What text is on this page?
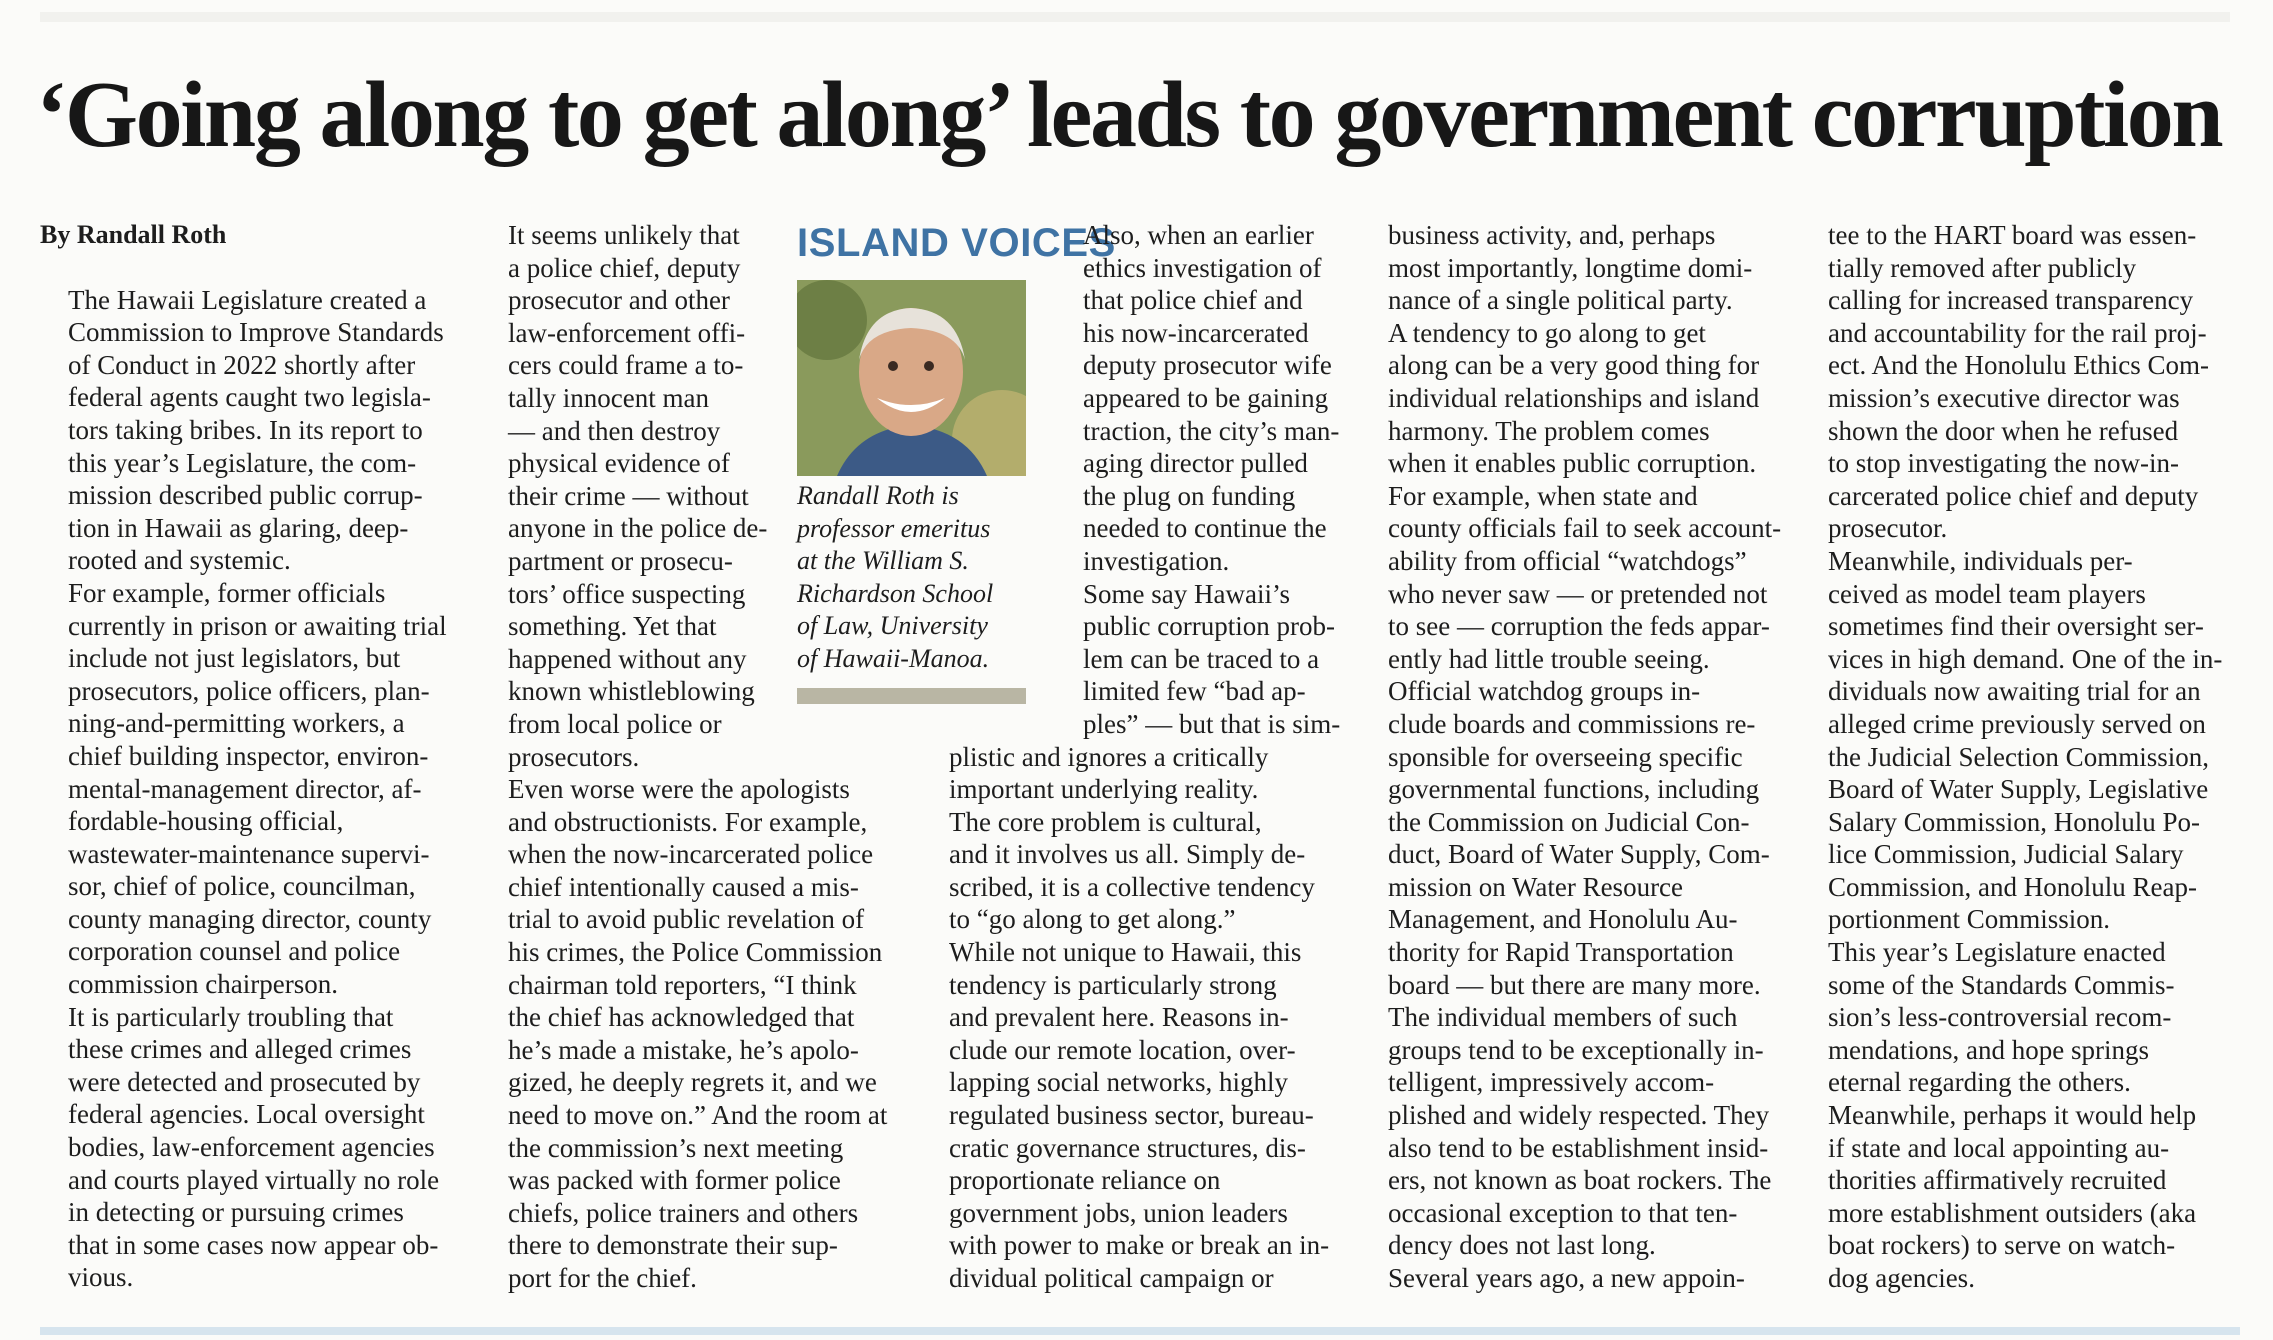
‘Going along to get along’ leads to government corruption
By Randall Roth

The Hawaii Legislature created a
Commission to Improve Standards
of Conduct in 2022 shortly after
federal agents caught two legisla-
tors taking bribes. In its report to
this year’s Legislature, the com-
mission described public corrup-
tion in Hawaii as glaring, deep-
rooted and systemic.

For example, former officials
currently in prison or awaiting trial
include not just legislators, but
prosecutors, police officers, plan-
ning-and-permitting workers, a
chief building inspector, environ-
mental-management director, af-
fordable-housing official,
wastewater-maintenance supervi-
sor, chief of police, councilman,
county managing director, county
corporation counsel and police
commission chairperson.

It is particularly troubling that
these crimes and alleged crimes
were detected and prosecuted by
federal agencies. Local oversight
bodies, law-enforcement agencies
and courts played virtually no role
in detecting or pursuing crimes
that in some cases now appear ob-
vious.

It seems unlikely that
a police chief, deputy
prosecutor and other
law-enforcement offi-
cers could frame a to-
tally innocent man
— and then destroy
physical evidence of
their crime — without
anyone in the police de-
partment or prosecu-
tors’ office suspecting
something. Yet that
happened without any
known whistleblowing
from local police or
prosecutors.

Even worse were the apologists
and obstructionists. For example,
when the now-incarcerated police
chief intentionally caused a mis-
trial to avoid public revelation of
his crimes, the Police Commission
chairman told reporters, “I think
the chief has acknowledged that
he’s made a mistake, he’s apolo-
gized, he deeply regrets it, and we
need to move on.” And the room at
the commission’s next meeting
was packed with former police
chiefs, police trainers and others
there to demonstrate their sup-
port for the chief.

ISLAND VOICES
Randall Roth is
professor emeritus
at the William S.
Richardson School
of Law, University
of Hawaii-Manoa.

Also, when an earlier
ethics investigation of
that police chief and
his now-incarcerated
deputy prosecutor wife
appeared to be gaining
traction, the city’s man-
aging director pulled
the plug on funding
needed to continue the
investigation.

Some say Hawaii’s
public corruption prob-
lem can be traced to a
limited few “bad ap-
ples” — but that is sim-
plistic and ignores a critically
important underlying reality.

The core problem is cultural,
and it involves us all. Simply de-
scribed, it is a collective tendency
to “go along to get along.”

While not unique to Hawaii, this
tendency is particularly strong
and prevalent here. Reasons in-
clude our remote location, over-
lapping social networks, highly
regulated business sector, bureau-
cratic governance structures, dis-
proportionate reliance on
government jobs, union leaders
with power to make or break an in-
dividual political campaign or

business activity, and, perhaps
most importantly, longtime domi-
nance of a single political party.

A tendency to go along to get
along can be a very good thing for
individual relationships and island
harmony. The problem comes
when it enables public corruption.
For example, when state and
county officials fail to seek account-
ability from official “watchdogs”
who never saw — or pretended not
to see — corruption the feds appar-
ently had little trouble seeing.

Official watchdog groups in-
clude boards and commissions re-
sponsible for overseeing specific
governmental functions, including
the Commission on Judicial Con-
duct, Board of Water Supply, Com-
mission on Water Resource
Management, and Honolulu Au-
thority for Rapid Transportation
board — but there are many more.

The individual members of such
groups tend to be exceptionally in-
telligent, impressively accom-
plished and widely respected. They
also tend to be establishment insid-
ers, not known as boat rockers. The
occasional exception to that ten-
dency does not last long.

Several years ago, a new appoin-

tee to the HART board was essen-
tially removed after publicly
calling for increased transparency
and accountability for the rail proj-
ect. And the Honolulu Ethics Com-
mission’s executive director was
shown the door when he refused
to stop investigating the now-in-
carcerated police chief and deputy
prosecutor.

Meanwhile, individuals per-
ceived as model team players
sometimes find their oversight ser-
vices in high demand. One of the in-
dividuals now awaiting trial for an
alleged crime previously served on
the Judicial Selection Commission,
Board of Water Supply, Legislative
Salary Commission, Honolulu Po-
lice Commission, Judicial Salary
Commission, and Honolulu Reap-
portionment Commission.

This year’s Legislature enacted
some of the Standards Commis-
sion’s less-controversial recom-
mendations, and hope springs
eternal regarding the others.
Meanwhile, perhaps it would help
if state and local appointing au-
thorities affirmatively recruited
more establishment outsiders (aka
boat rockers) to serve on watch-
dog agencies.
